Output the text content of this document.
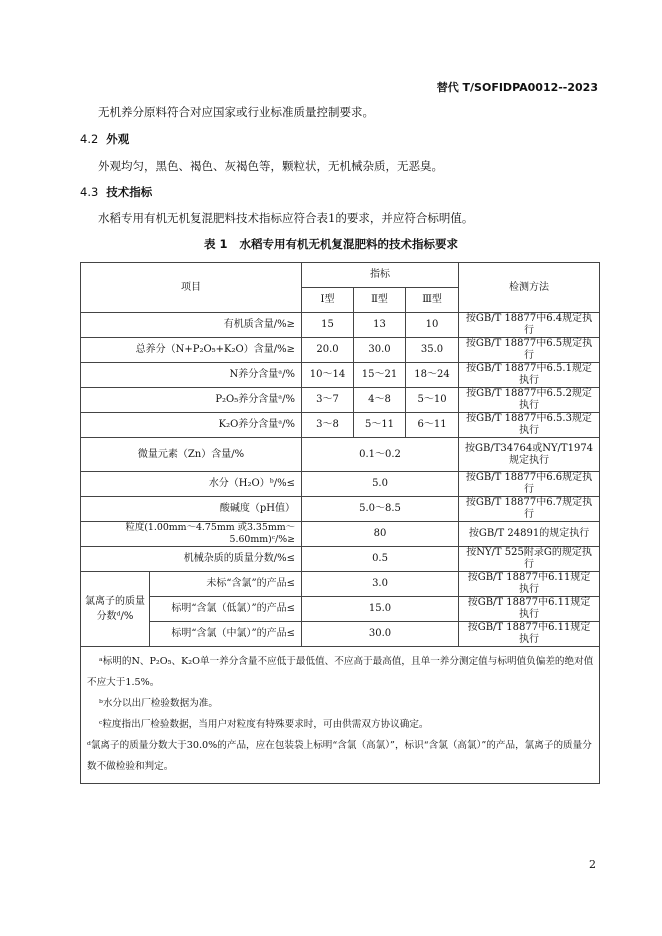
替代 T/SOFIDPA0012--2023
无机养分原料符合对应国家或行业标准质量控制要求。
4.2 外观
外观均匀，黑色、褐色、灰褐色等，颗粒状，无机械杂质，无恶臭。
4.3 技术指标
水稻专用有机无机复混肥料技术指标应符合表1的要求，并应符合标明值。
表 1 水稻专用有机无机复混肥料的技术指标要求
项目		指标			检测方法
		Ⅰ型	Ⅱ型	Ⅲ型	
有机质含量/%≥		15	13	10	按GB/T 18877中6.4规定执行
总养分（N+P₂O₅+K₂O）含量/%≥		20.0	30.0	35.0	按GB/T 18877中6.5规定执行
N养分含量ᵃ/%		10～14	15～21	18～24	按GB/T 18877中6.5.1规定执行
P₂O₅养分含量ᵃ/%		3～7	4～8	5～10	按GB/T 18877中6.5.2规定执行
K₂O养分含量ᵃ/%		3～8	5～11	6～11	按GB/T 18877中6.5.3规定执行
微量元素（Zn）含量/%		0.1～0.2			按GB/T34764或NY/T1974 规定执行
水分（H₂O）ᵇ/%≤		5.0			按GB/T 18877中6.6规定执行
酸碱度（pH值）		5.0～8.5			按GB/T 18877中6.7规定执行
粒度(1.00mm～4.75mm 或3.35mm～5.60mm)ᶜ/%≥		80			按GB/T 24891的规定执行
机械杂质的质量分数/%≤		0.5			按NY/T 525附录G的规定执行
氯离子的质量分数ᵈ/%	未标“含氯”的产品≤	3.0			按GB/T 18877中6.11规定执行
	标明“含氯（低氯）”的产品≤	15.0			按GB/T 18877中6.11规定执行
	标明“含氯（中氯）”的产品≤	30.0			按GB/T 18877中6.11规定执行

ᵃ标明的N、P₂O₅、K₂O单一养分含量不应低于最低值、不应高于最高值，且单一养分测定值与标明值负偏差的绝对值不应大于1.5%。
ᵇ水分以出厂检验数据为准。
ᶜ粒度指出厂检验数据，当用户对粒度有特殊要求时，可由供需双方协议确定。
ᵈ氯离子的质量分数大于30.0%的产品，应在包装袋上标明“含氯（高氯）”，标识“含氯（高氯）”的产品，氯离子的质量分数不做检验和判定。					
2
